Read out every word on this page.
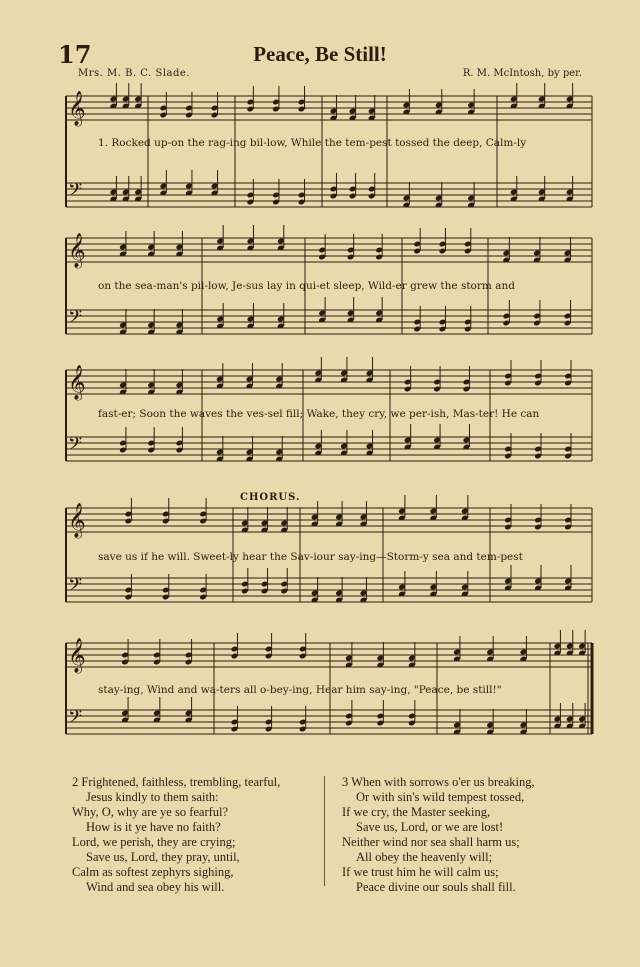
17	Peace, Be Still!
Mrs. M. B. C. Slade.	R. M. McIntosh, by per.
𝄞
𝄢
𝄞
𝄢
𝄞
𝄢
𝄞
𝄢
𝄞
𝄢
CHORUS.
1. Rocked up-on the rag-ing bil-low, While the tem-pest tossed the deep, Calm-ly
on the sea-man's pil-low, Je-sus lay in qui-et sleep, Wild-er grew the storm and
fast-er; Soon the waves the ves-sel fill; Wake, they cry, we per-ish, Mas-ter! He can
save us if he will. Sweet-ly hear the Sav-iour say-ing—Storm-y sea and tem-pest
stay-ing, Wind and wa-ters all o-bey-ing, Hear him say-ing, "Peace, be still!"
2 Frightened, faithless, trembling, tearful,
Jesus kindly to them saith:
Why, O, why are ye so fearful?
How is it ye have no faith?
Lord, we perish, they are crying;
Save us, Lord, they pray, until,
Calm as softest zephyrs sighing,
Wind and sea obey his will.
3 When with sorrows o'er us breaking,
Or with sin's wild tempest tossed,
If we cry, the Master seeking,
Save us, Lord, or we are lost!
Neither wind nor sea shall harm us;
All obey the heavenly will;
If we trust him he will calm us;
Peace divine our souls shall fill.
